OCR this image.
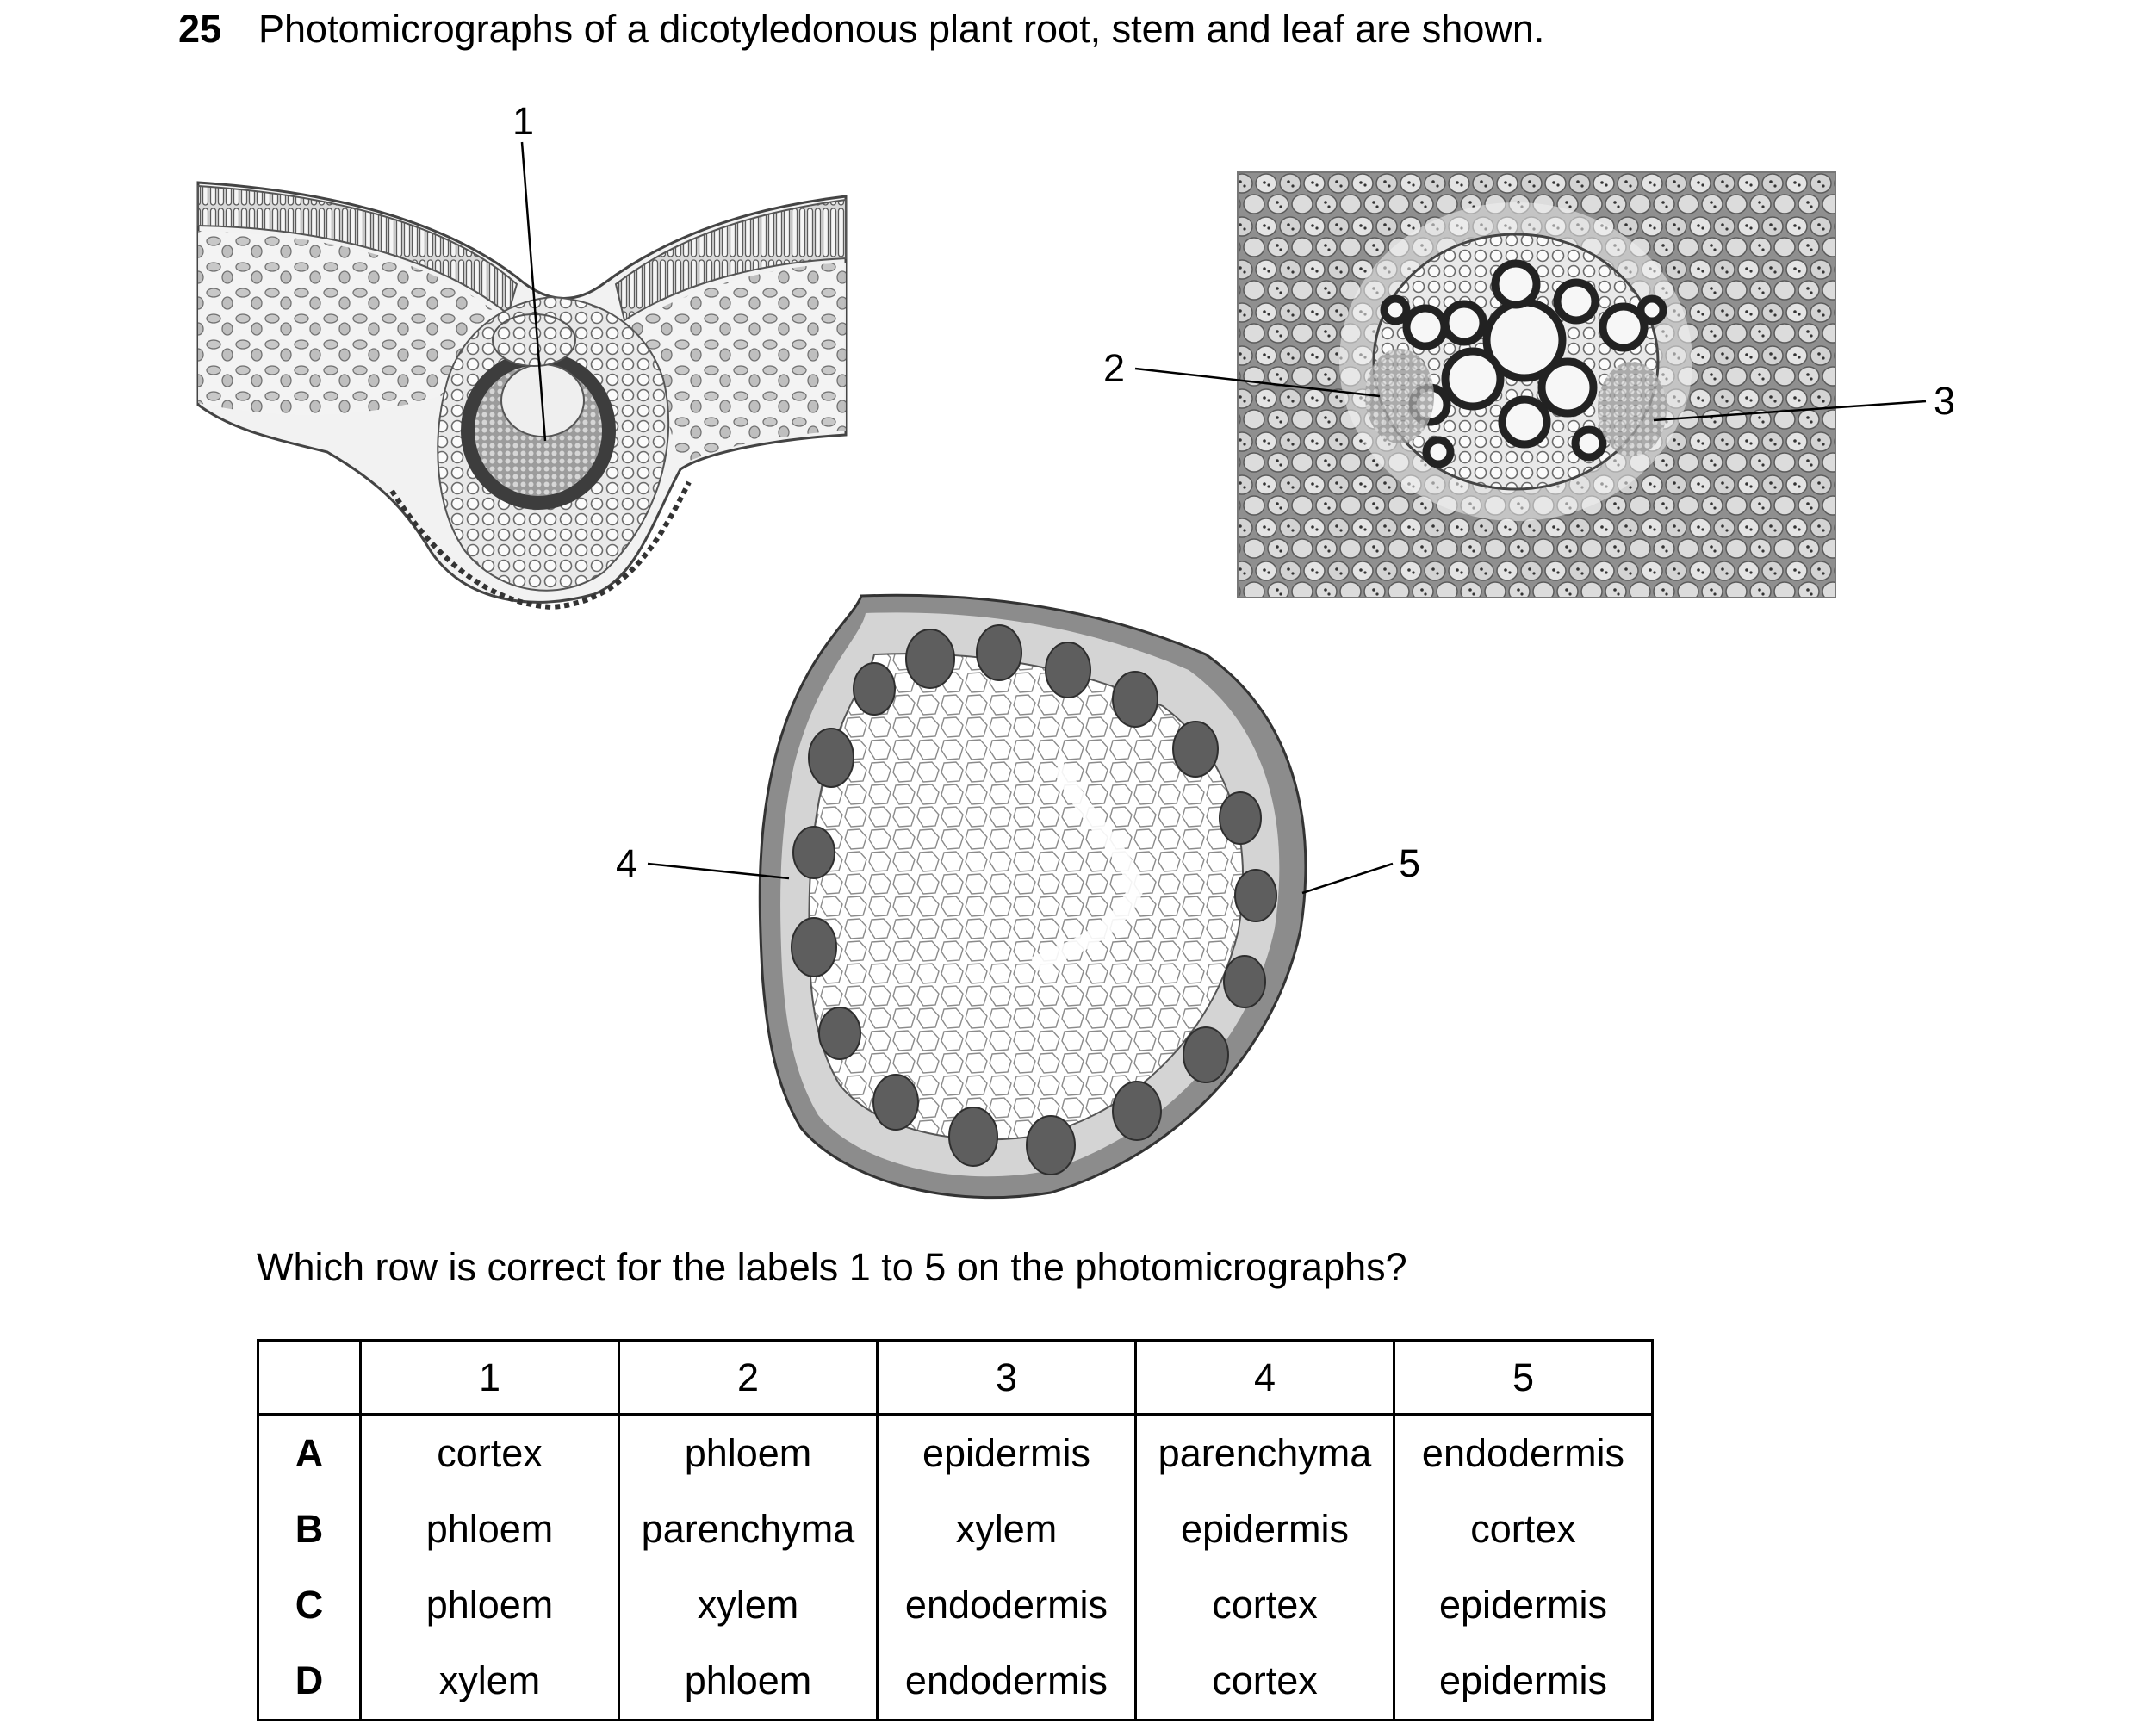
25 Photomicrographs of a dicotyledonous plant root, stem and leaf are shown.
1
2
3
4	5
Which row is correct for the labels 1 to 5 on the photomicrographs?
	1	2	3	4	5
A	cortex	phloem	epidermis	parenchyma	endodermis
B	phloem	parenchyma	xylem	epidermis	cortex
C	phloem	xylem	endodermis	cortex	epidermis
D	xylem	phloem	endodermis	cortex	epidermis
